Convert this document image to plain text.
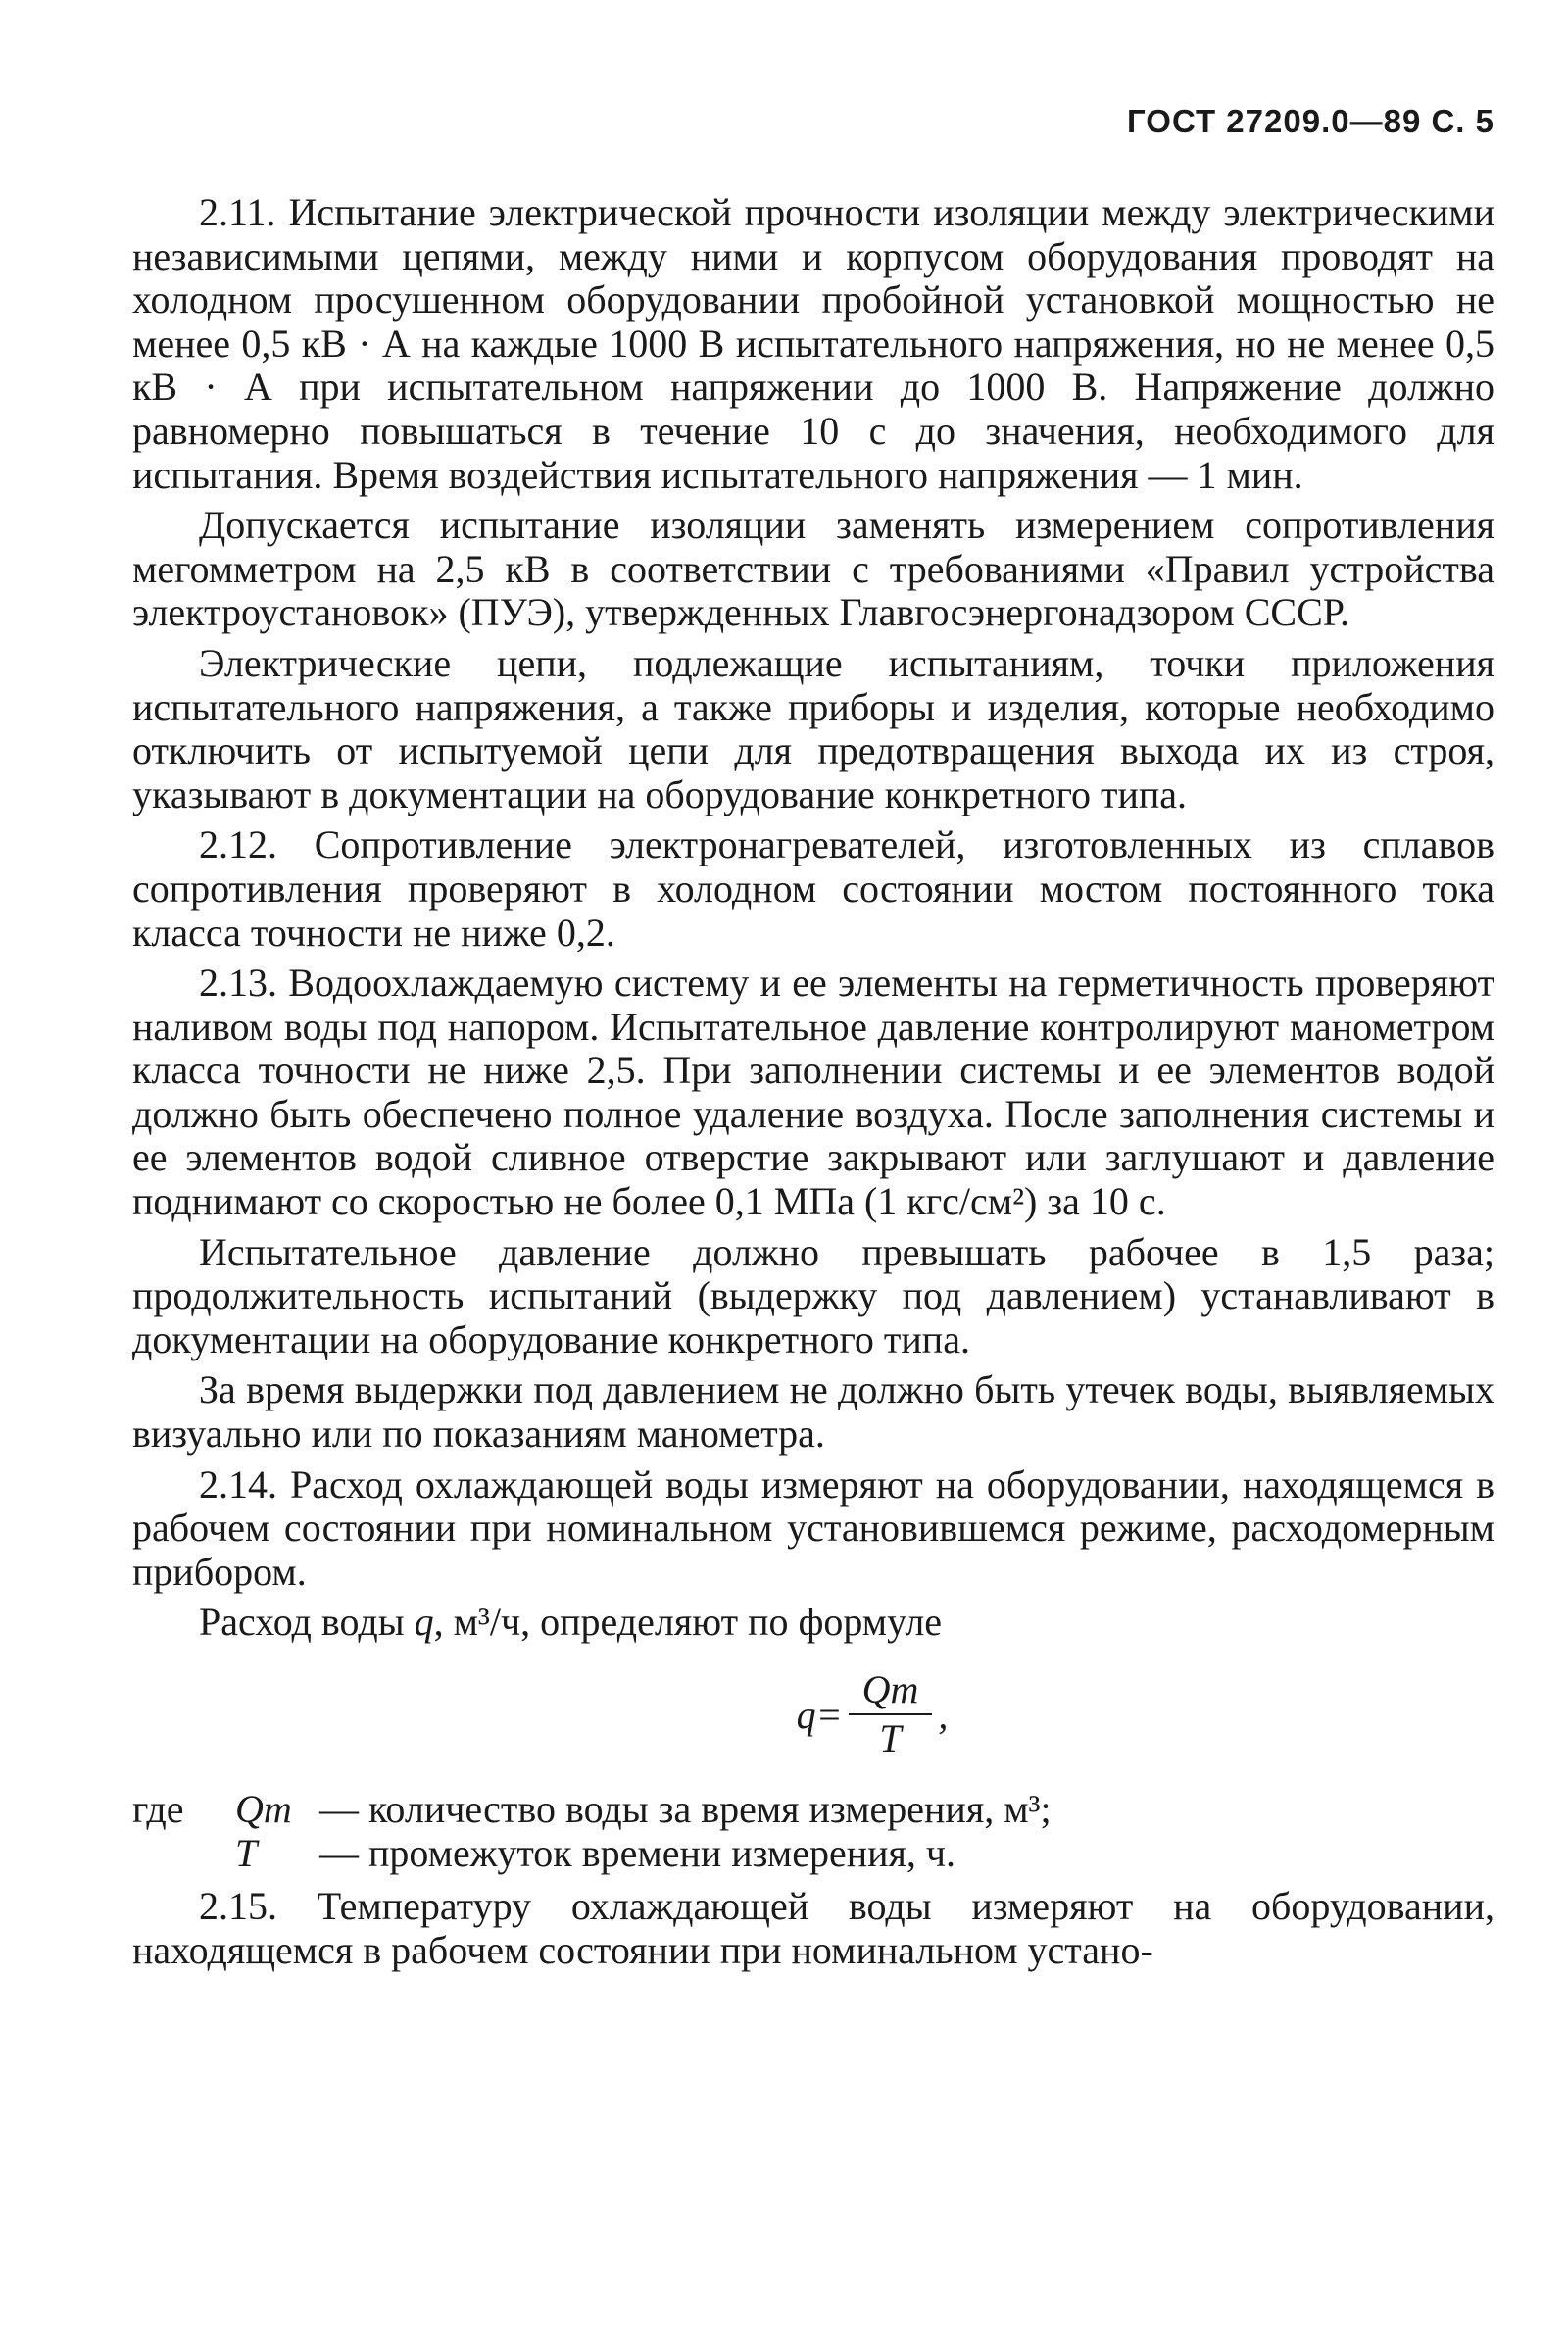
ГОСТ 27209.0—89 С. 5

2.11. Испытание электрической прочности изоляции между электрическими независимыми цепями, между ними и корпусом оборудования проводят на холодном просушенном оборудовании пробойной установкой мощностью не менее 0,5 кВ · А на каждые 1000 В испытательного напряжения, но не менее 0,5 кВ · А при испытательном напряжении до 1000 В. Напряжение должно равномерно повышаться в течение 10 с до значения, необходимого для испытания. Время воздействия испытательного напряжения — 1 мин.

Допускается испытание изоляции заменять измерением сопротивления мегомметром на 2,5 кВ в соответствии с требованиями «Правил устройства электроустановок» (ПУЭ), утвержденных Главгосэнергонадзором СССР.

Электрические цепи, подлежащие испытаниям, точки приложения испытательного напряжения, а также приборы и изделия, которые необходимо отключить от испытуемой цепи для предотвращения выхода их из строя, указывают в документации на оборудование конкретного типа.

2.12. Сопротивление электронагревателей, изготовленных из сплавов сопротивления проверяют в холодном состоянии мостом постоянного тока класса точности не ниже 0,2.

2.13. Водоохлаждаемую систему и ее элементы на герметичность проверяют наливом воды под напором. Испытательное давление контролируют манометром класса точности не ниже 2,5. При заполнении системы и ее элементов водой должно быть обеспечено полное удаление воздуха. После заполнения системы и ее элементов водой сливное отверстие закрывают или заглушают и давление поднимают со скоростью не более 0,1 МПа (1 кгс/см²) за 10 с.

Испытательное давление должно превышать рабочее в 1,5 раза; продолжительность испытаний (выдержку под давлением) устанавливают в документации на оборудование конкретного типа.

За время выдержки под давлением не должно быть утечек воды, выявляемых визуально или по показаниям манометра.

2.14. Расход охлаждающей воды измеряют на оборудовании, находящемся в рабочем состоянии при номинальном установившемся режиме, расходомерным прибором.

Расход воды q, м³/ч, определяют по формуле

$q= \frac{Qm}{T}$ ,
где	Qm — количество воды за время измерения, м³;
T	— промежуток времени измерения, ч.

2.15. Температуру охлаждающей воды измеряют на оборудовании, находящемся в рабочем состоянии при номинальном устано-
